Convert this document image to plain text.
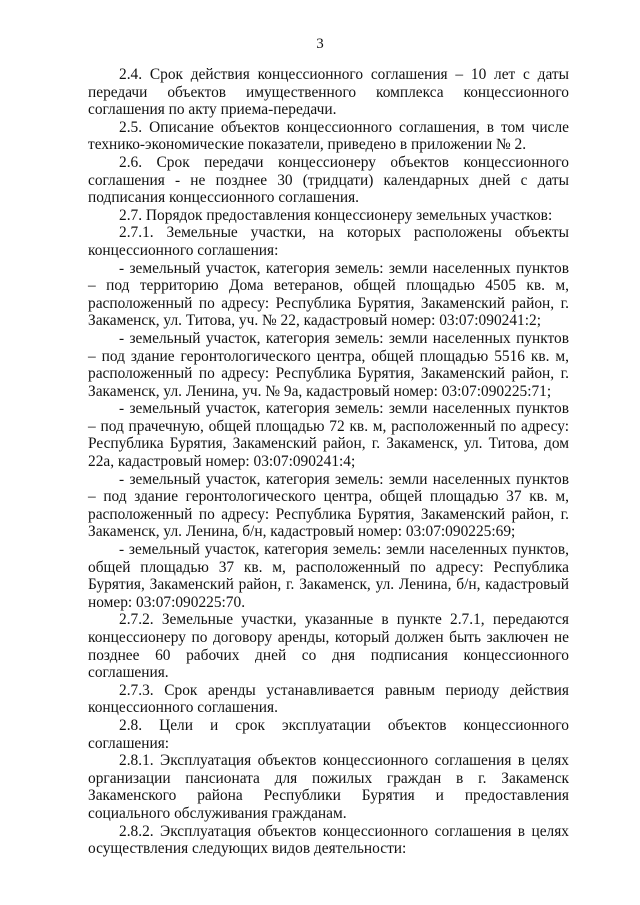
3

2.4. Срок действия концессионного соглашения – 10 лет с даты передачи объектов имущественного комплекса концессионного соглашения по акту приема-передачи.

2.5. Описание объектов концессионного соглашения, в том числе технико-экономические показатели, приведено в приложении № 2.

2.6. Срок передачи концессионеру объектов концессионного соглашения - не позднее 30 (тридцати) календарных дней с даты подписания концессионного соглашения.

2.7. Порядок предоставления концессионеру земельных участков:

2.7.1. Земельные участки, на которых расположены объекты концессионного соглашения:

- земельный участок, категория земель: земли населенных пунктов – под территорию Дома ветеранов, общей площадью 4505 кв. м, расположенный по адресу: Республика Бурятия, Закаменский район, г. Закаменск, ул. Титова, уч. № 22, кадастровый номер: 03:07:090241:2;

- земельный участок, категория земель: земли населенных пунктов – под здание геронтологического центра, общей площадью 5516 кв. м, расположенный по адресу: Республика Бурятия, Закаменский район, г. Закаменск, ул. Ленина, уч. № 9а, кадастровый номер: 03:07:090225:71;

- земельный участок, категория земель: земли населенных пунктов – под прачечную, общей площадью 72 кв. м, расположенный по адресу: Республика Бурятия, Закаменский район, г. Закаменск, ул. Титова, дом 22а, кадастровый номер: 03:07:090241:4;

- земельный участок, категория земель: земли населенных пунктов – под здание геронтологического центра, общей площадью 37 кв. м, расположенный по адресу: Республика Бурятия, Закаменский район, г. Закаменск, ул. Ленина, б/н, кадастровый номер: 03:07:090225:69;

- земельный участок, категория земель: земли населенных пунктов, общей площадью 37 кв. м, расположенный по адресу: Республика Бурятия, Закаменский район, г. Закаменск, ул. Ленина, б/н, кадастровый номер: 03:07:090225:70.

2.7.2. Земельные участки, указанные в пункте 2.7.1, передаются концессионеру по договору аренды, который должен быть заключен не позднее 60 рабочих дней со дня подписания концессионного соглашения.

2.7.3. Срок аренды устанавливается равным периоду действия концессионного соглашения.

2.8. Цели и срок эксплуатации объектов концессионного соглашения:

2.8.1. Эксплуатация объектов концессионного соглашения в целях организации пансионата для пожилых граждан в г. Закаменск Закаменского района Республики Бурятия и предоставления социального обслуживания гражданам.

2.8.2. Эксплуатация объектов концессионного соглашения в целях осуществления следующих видов деятельности:
